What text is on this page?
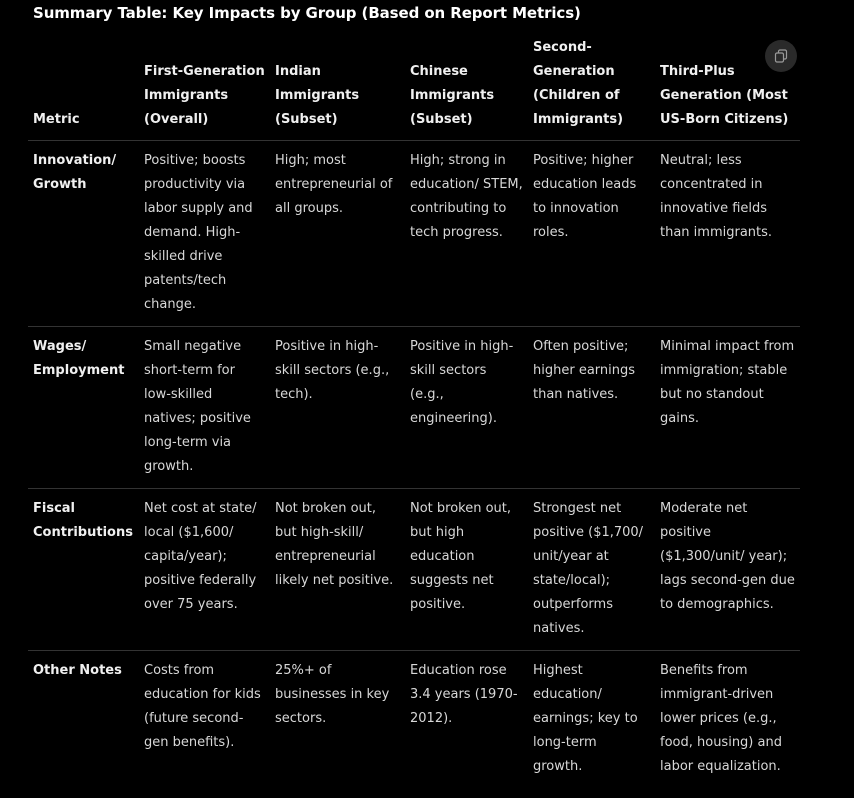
Summary Table: Key Impacts by Group (Based on Report Metrics)
Metric	First-Generation Immigrants (Overall)	Indian Immigrants (Subset)	Chinese Immigrants (Subset)	Second-Generation (Children of Immigrants)	Third-Plus Generation (Most US-Born Citizens)
Innovation/ Growth	Positive; boosts productivity via labor supply and demand. High-skilled drive patents/tech change.	High; most entrepreneurial of all groups.	High; strong in education/ STEM, contributing to tech progress.	Positive; higher education leads to innovation roles.	Neutral; less concentrated in innovative fields than immigrants.
Wages/ Employment	Small negative short-term for low-skilled natives; positive long-term via growth.	Positive in high-skill sectors (e.g., tech).	Positive in high-skill sectors (e.g., engineering).	Often positive; higher earnings than natives.	Minimal impact from immigration; stable but no standout gains.
Fiscal Contributions	Net cost at state/ local ($1,600/ capita/year); positive federally over 75 years.	Not broken out, but high-skill/ entrepreneurial likely net positive.	Not broken out, but high education suggests net positive.	Strongest net positive ($1,700/ unit/year at state/local); outperforms natives.	Moderate net positive ($1,300/unit/ year); lags second-gen due to demographics.
Other Notes	Costs from education for kids (future second-gen benefits).	25%+ of businesses in key sectors.	Education rose 3.4 years (1970-2012).	Highest education/ earnings; key to long-term growth.	Benefits from immigrant-driven lower prices (e.g., food, housing) and labor equalization.
